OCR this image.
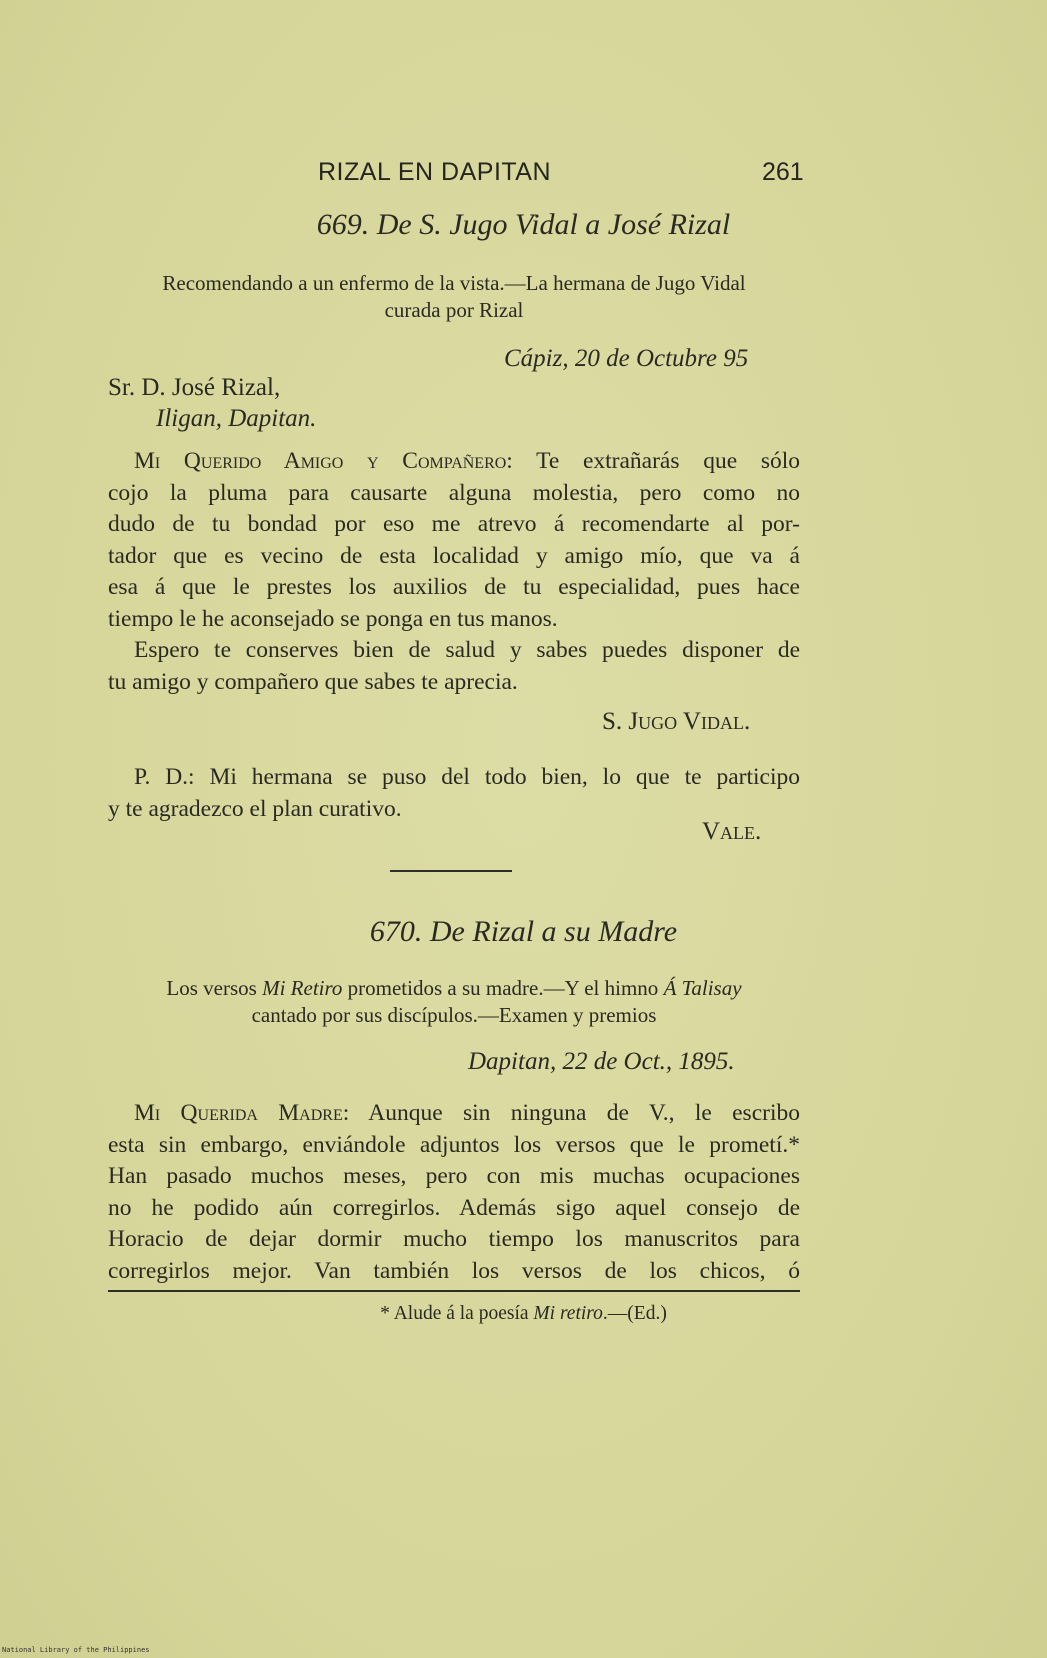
RIZAL EN DAPITAN	261
669. De S. Jugo Vidal a José Rizal
Recomendando a un enfermo de la vista.—La hermana de Jugo Vidal
curada por Rizal
Cápiz, 20 de Octubre 95
Sr. D. José Rizal,
Iligan, Dapitan.
Mi Querido Amigo y Compañero: Te extrañarás que sólo
cojo la pluma para causarte alguna molestia, pero como no
dudo de tu bondad por eso me atrevo á recomendarte al por-
tador que es vecino de esta localidad y amigo mío, que va á
esa á que le prestes los auxilios de tu especialidad, pues hace
tiempo le he aconsejado se ponga en tus manos.
Espero te conserves bien de salud y sabes puedes disponer de
tu amigo y compañero que sabes te aprecia.
S. Jugo Vidal.
P. D.: Mi hermana se puso del todo bien, lo que te participo
y te agradezco el plan curativo.
Vale.
670. De Rizal a su Madre
Los versos Mi Retiro prometidos a su madre.—Y el himno Á Talisay
cantado por sus discípulos.—Examen y premios
Dapitan, 22 de Oct., 1895.
Mi Querida Madre: Aunque sin ninguna de V., le escribo
esta sin embargo, enviándole adjuntos los versos que le prometí.*
Han pasado muchos meses, pero con mis muchas ocupaciones
no he podido aún corregirlos. Además sigo aquel consejo de
Horacio de dejar dormir mucho tiempo los manuscritos para
corregirlos mejor. Van también los versos de los chicos, ó
* Alude á la poesía Mi retiro.—(Ed.)
National Library of the Philippines
